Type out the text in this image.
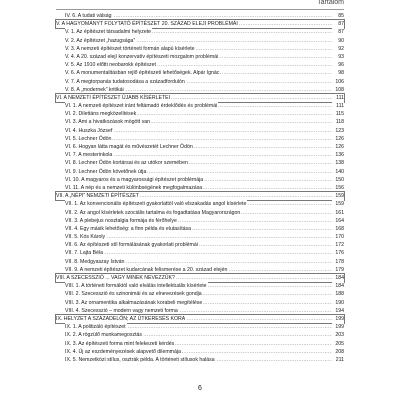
Tartalom
.....
IV. 6. A tudati válság	85
.....
V. A HAGYOMÁNYT FOLYTATÓ ÉPÍTÉSZET 20. SZÁZAD ELEJI PROBLÉMÁI	87
.....
V. 1. Az építészet társadalmi helyzete	87
.....
V. 2. Az építészet „hazugsága”	90
.....
V. 3. A nemzeti építészet történeti formán alapú kísérlete	92
.....
V. 4. A 20. század elejí konzervatív építészeti mozgalom problémái	93
.....
V. 5. Az 1910 előtti neobarokk építészet	96
.....
V. 6. A monumentalitásban rejlő építészeti lehetőségek. Alpár Ignác	98
.....
V. 7. A megtorpanás tudatosodása a századfordulón	106
.....
V. 8. A „modernek” kritikái	108
.....
VI. A NEMZETI ÉPÍTÉSZET ÚJABB KÍSÉRLETEI	111
.....
VI. 1. A nemzeti építészet iránt feltámadó érdeklődés és problémái	111
.....
VI. 2. Dilettáns megközelítések	115
.....
VI. 3. Ami a hivatkozások mögött van	118
.....
VI. 4. Huszka József	123
.....
VI. 5. Lechner Ödön	126
.....
VI. 6. Hogyan látta magát és művészetét Lechner Ödön	126
.....
VI. 7. A mesterinkola	136
.....
VI. 8. Lechner Ödön kortársai és az utókor szemében	138
.....
VI. 9. Lechner Ödön követőnek útja	140
.....
VI. 10. A magyaros és a magyarossági építészet problémája	150
.....
VI. 11. A nép és a nemzeti különbségének megfogalmazása	156
.....
VII. A „NÉPI” NEMZETI ÉPÍTÉSZET	159
.....
VII. 1. Az konvencionális építészeti gyakorlattól való elszakadás angol kísérlete	159
.....
VII. 2. Az angol kísérletek szociális tartalma és fogadtatása Magyarországon	161
.....
VII. 3. A plebejus nosztalgia formája és férőhelye	164
.....
VII. 4. Egy másik lehetőség: a finn példa és elutasítása	168
.....
VII. 5. Kós Károly	170
.....
VII. 6. Az építészeti stíl formálásának gyakorlati problémái	172
.....
VII. 7. Lajta Béla	176
.....
VII. 8. Medgyaszay István	178
.....
VII. 9. A nemzeti építészet kudarcának felismerése a 20. század elején	179
.....
VIII. A SZECESSZIÓ ... VAGY MINEK NEVEZZÜK?	184
.....
VIII. 1. A történeti formáktól való elválás intellektuális kísérlete	184
.....
VIII. 2. Szecesszió és szinonimái és az elnevezések gondja	188
.....
VIII. 3. Az ornamentika alkalmazásának korabeli megítélése	190
.....
VIII. 4. Szecesszió – modern vagy nemzeti forma	194
.....
IX. HELYZET A SZÁZADELŐN; AZ ÚTKERESÉS KORA	199
.....
IX. 1. A politizáló építészet	199
.....
IX. 2. A rögzülő munkamegosztás	203
.....
IX. 3. Az építészeti forma mint felekezeti kérdés	205
.....
IX. 4. Új az eszdeményezések alapvető dilemmája	208
.....
IX. 5. Nemzetközi stílus, osztrák példa. A történeti stílusok halása	211
6
